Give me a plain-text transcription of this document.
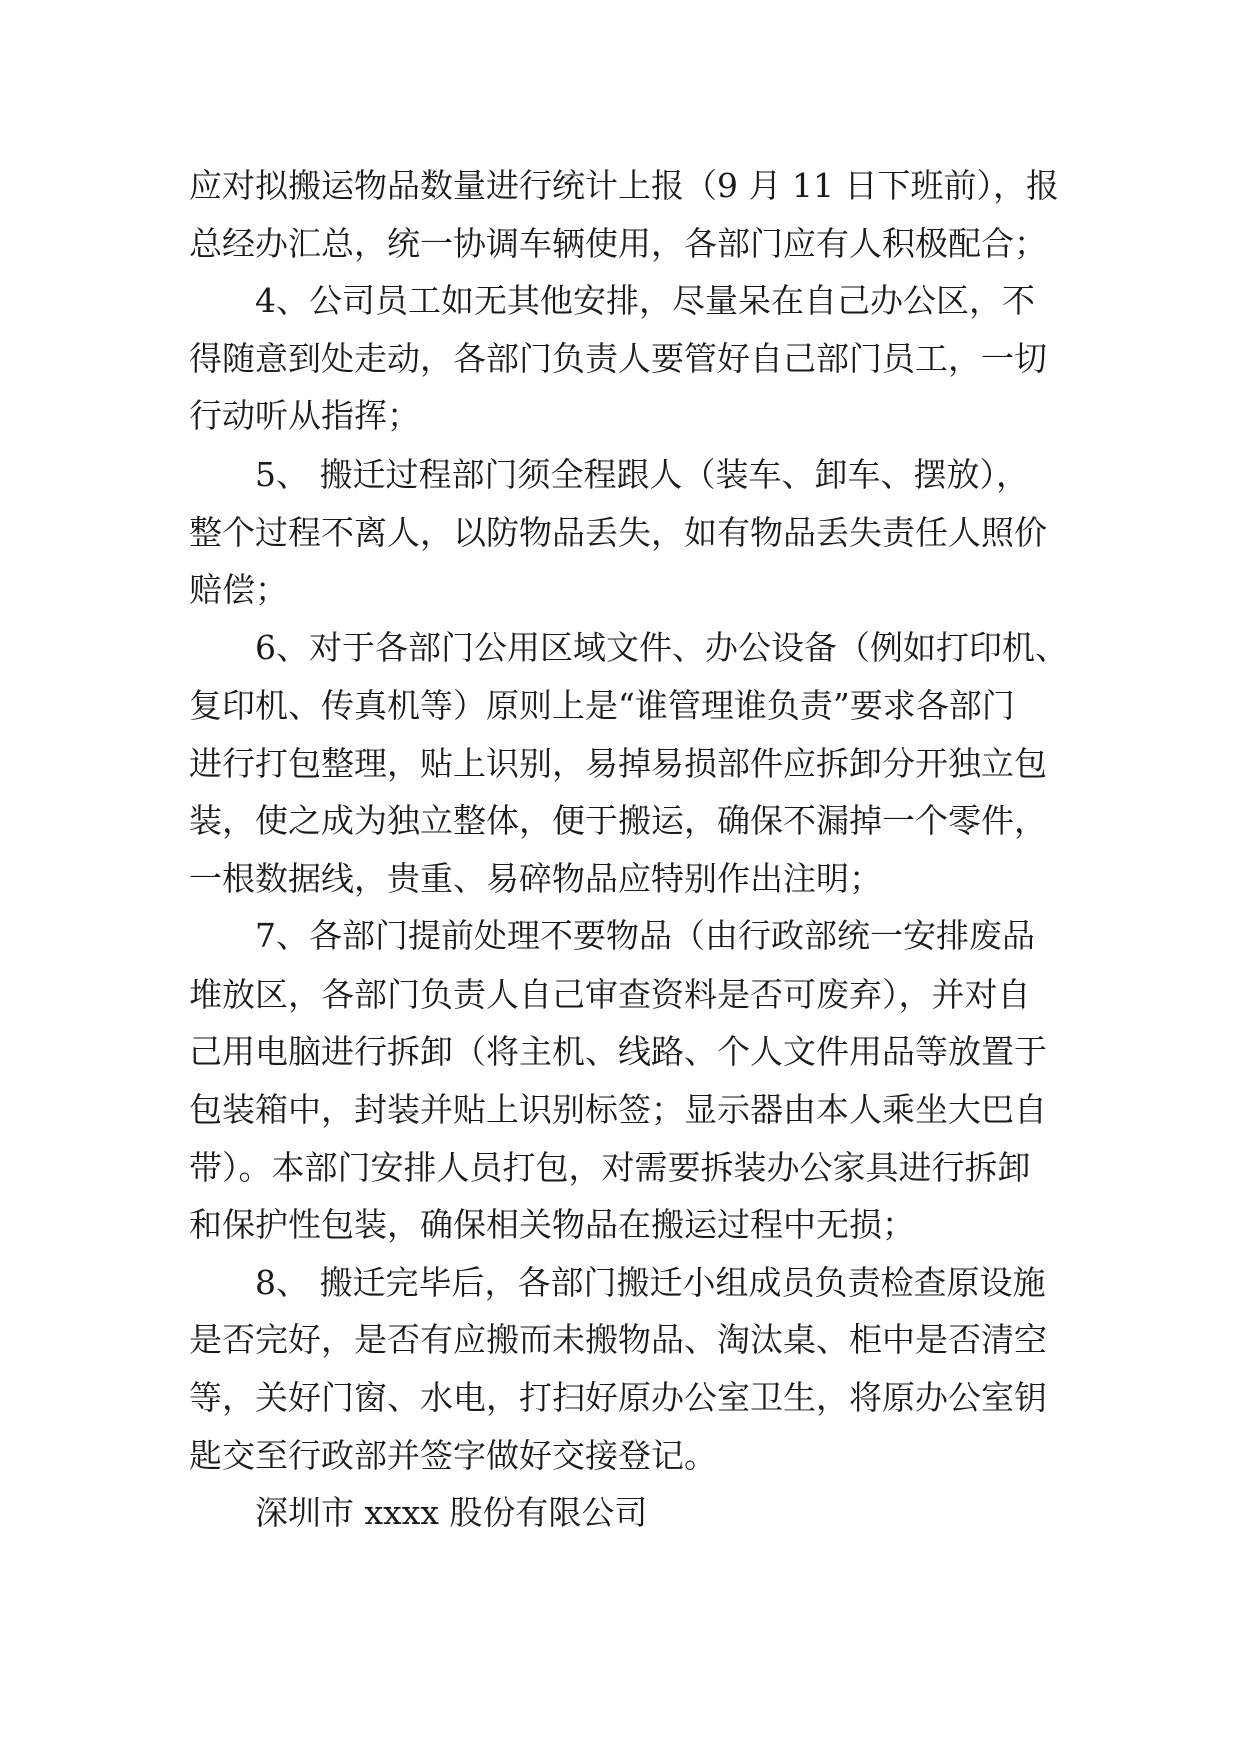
应对拟搬运物品数量进行统计上报（9 月 11 日下班前），报
总经办汇总，统一协调车辆使用，各部门应有人积极配合；
4、公司员工如无其他安排，尽量呆在自己办公区，不
得随意到处走动，各部门负责人要管好自己部门员工，一切
行动听从指挥；
5、 搬迁过程部门须全程跟人（装车、卸车、摆放），
整个过程不离人，以防物品丢失，如有物品丢失责任人照价
赔偿；
6、对于各部门公用区域文件、办公设备（例如打印机、
复印机、传真机等）原则上是“谁管理谁负责”要求各部门
进行打包整理，贴上识别，易掉易损部件应拆卸分开独立包
装，使之成为独立整体，便于搬运，确保不漏掉一个零件，
一根数据线，贵重、易碎物品应特别作出注明；
7、各部门提前处理不要物品（由行政部统一安排废品
堆放区，各部门负责人自己审查资料是否可废弃），并对自
己用电脑进行拆卸（将主机、线路、个人文件用品等放置于
包装箱中，封装并贴上识别标签；显示器由本人乘坐大巴自
带）。本部门安排人员打包，对需要拆装办公家具进行拆卸
和保护性包装，确保相关物品在搬运过程中无损；
8、 搬迁完毕后，各部门搬迁小组成员负责检查原设施
是否完好，是否有应搬而未搬物品、淘汰桌、柜中是否清空
等，关好门窗、水电，打扫好原办公室卫生，将原办公室钥
匙交至行政部并签字做好交接登记。
深圳市 xxxx 股份有限公司
